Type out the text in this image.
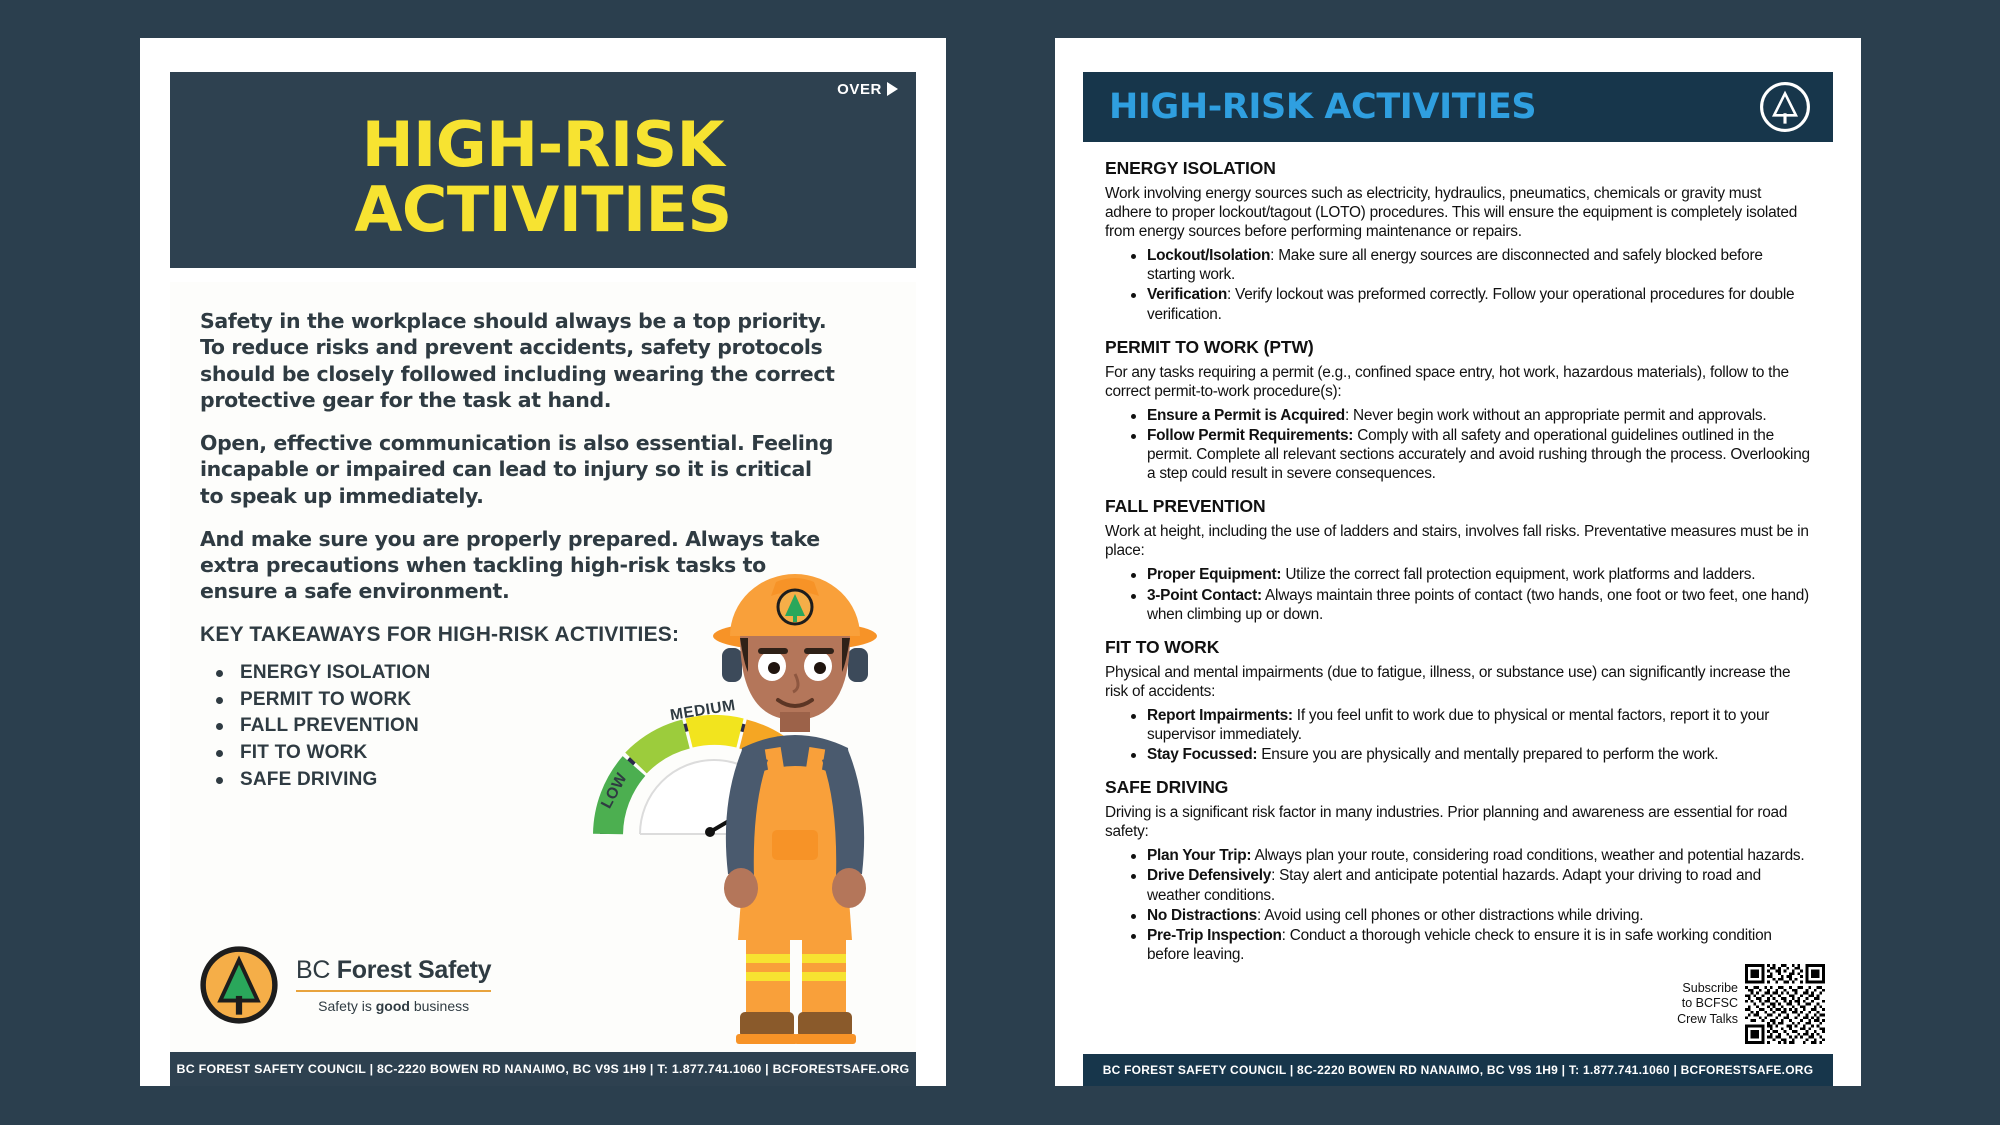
OVER
HIGH-RISK ACTIVITIES

Safety in the workplace should always be a top priority. To reduce risks and prevent accidents, safety protocols should be closely followed including wearing the correct protective gear for the task at hand.

Open, effective communication is also essential. Feeling incapable or impaired can lead to injury so it is critical to speak up immediately.

And make sure you are properly prepared. Always take extra precautions when tackling high-risk tasks to ensure a safe environment.

KEY TAKEAWAYS FOR HIGH-RISK ACTIVITIES:
ENERGY ISOLATION
PERMIT TO WORK
FALL PREVENTION
FIT TO WORK
SAFE DRIVING	LOW
MEDIUM
BC Forest Safety
Safety is good business
BC FOREST SAFETY COUNCIL | 8C-2220 BOWEN RD NANAIMO, BC V9S 1H9 | T: 1.877.741.1060 | BCFORESTSAFE.ORG
HIGH-RISK ACTIVITIES
ENERGY ISOLATION
Work involving energy sources such as electricity, hydraulics, pneumatics, chemicals or gravity must adhere to proper lockout/tagout (LOTO) procedures. This will ensure the equipment is completely isolated from energy sources before performing maintenance or repairs.
Lockout/Isolation: Make sure all energy sources are disconnected and safely blocked before starting work.
Verification: Verify lockout was preformed correctly. Follow your operational procedures for double verification.
PERMIT TO WORK (PTW)
For any tasks requiring a permit (e.g., confined space entry, hot work, hazardous materials), follow to the correct permit-to-work procedure(s):
Ensure a Permit is Acquired: Never begin work without an appropriate permit and approvals.
Follow Permit Requirements: Comply with all safety and operational guidelines outlined in the permit. Complete all relevant sections accurately and avoid rushing through the process. Overlooking a step could result in severe consequences.
FALL PREVENTION
Work at height, including the use of ladders and stairs, involves fall risks. Preventative measures must be in place:
Proper Equipment: Utilize the correct fall protection equipment, work platforms and ladders.
3-Point Contact: Always maintain three points of contact (two hands, one foot or two feet, one hand) when climbing up or down.
FIT TO WORK
Physical and mental impairments (due to fatigue, illness, or substance use) can significantly increase the risk of accidents:
Report Impairments: If you feel unfit to work due to physical or mental factors, report it to your supervisor immediately.
Stay Focussed: Ensure you are physically and mentally prepared to perform the work.
SAFE DRIVING
Driving is a significant risk factor in many industries. Prior planning and awareness are essential for road safety:
Plan Your Trip: Always plan your route, considering road conditions, weather and potential hazards.
Drive Defensively: Stay alert and anticipate potential hazards. Adapt your driving to road and weather conditions.
No Distractions: Avoid using cell phones or other distractions while driving.
Pre-Trip Inspection: Conduct a thorough vehicle check to ensure it is in safe working condition before leaving.
Subscribe
to BCFSC
Crew Talks
BC FOREST SAFETY COUNCIL | 8C-2220 BOWEN RD NANAIMO, BC V9S 1H9 | T: 1.877.741.1060 | BCFORESTSAFE.ORG
